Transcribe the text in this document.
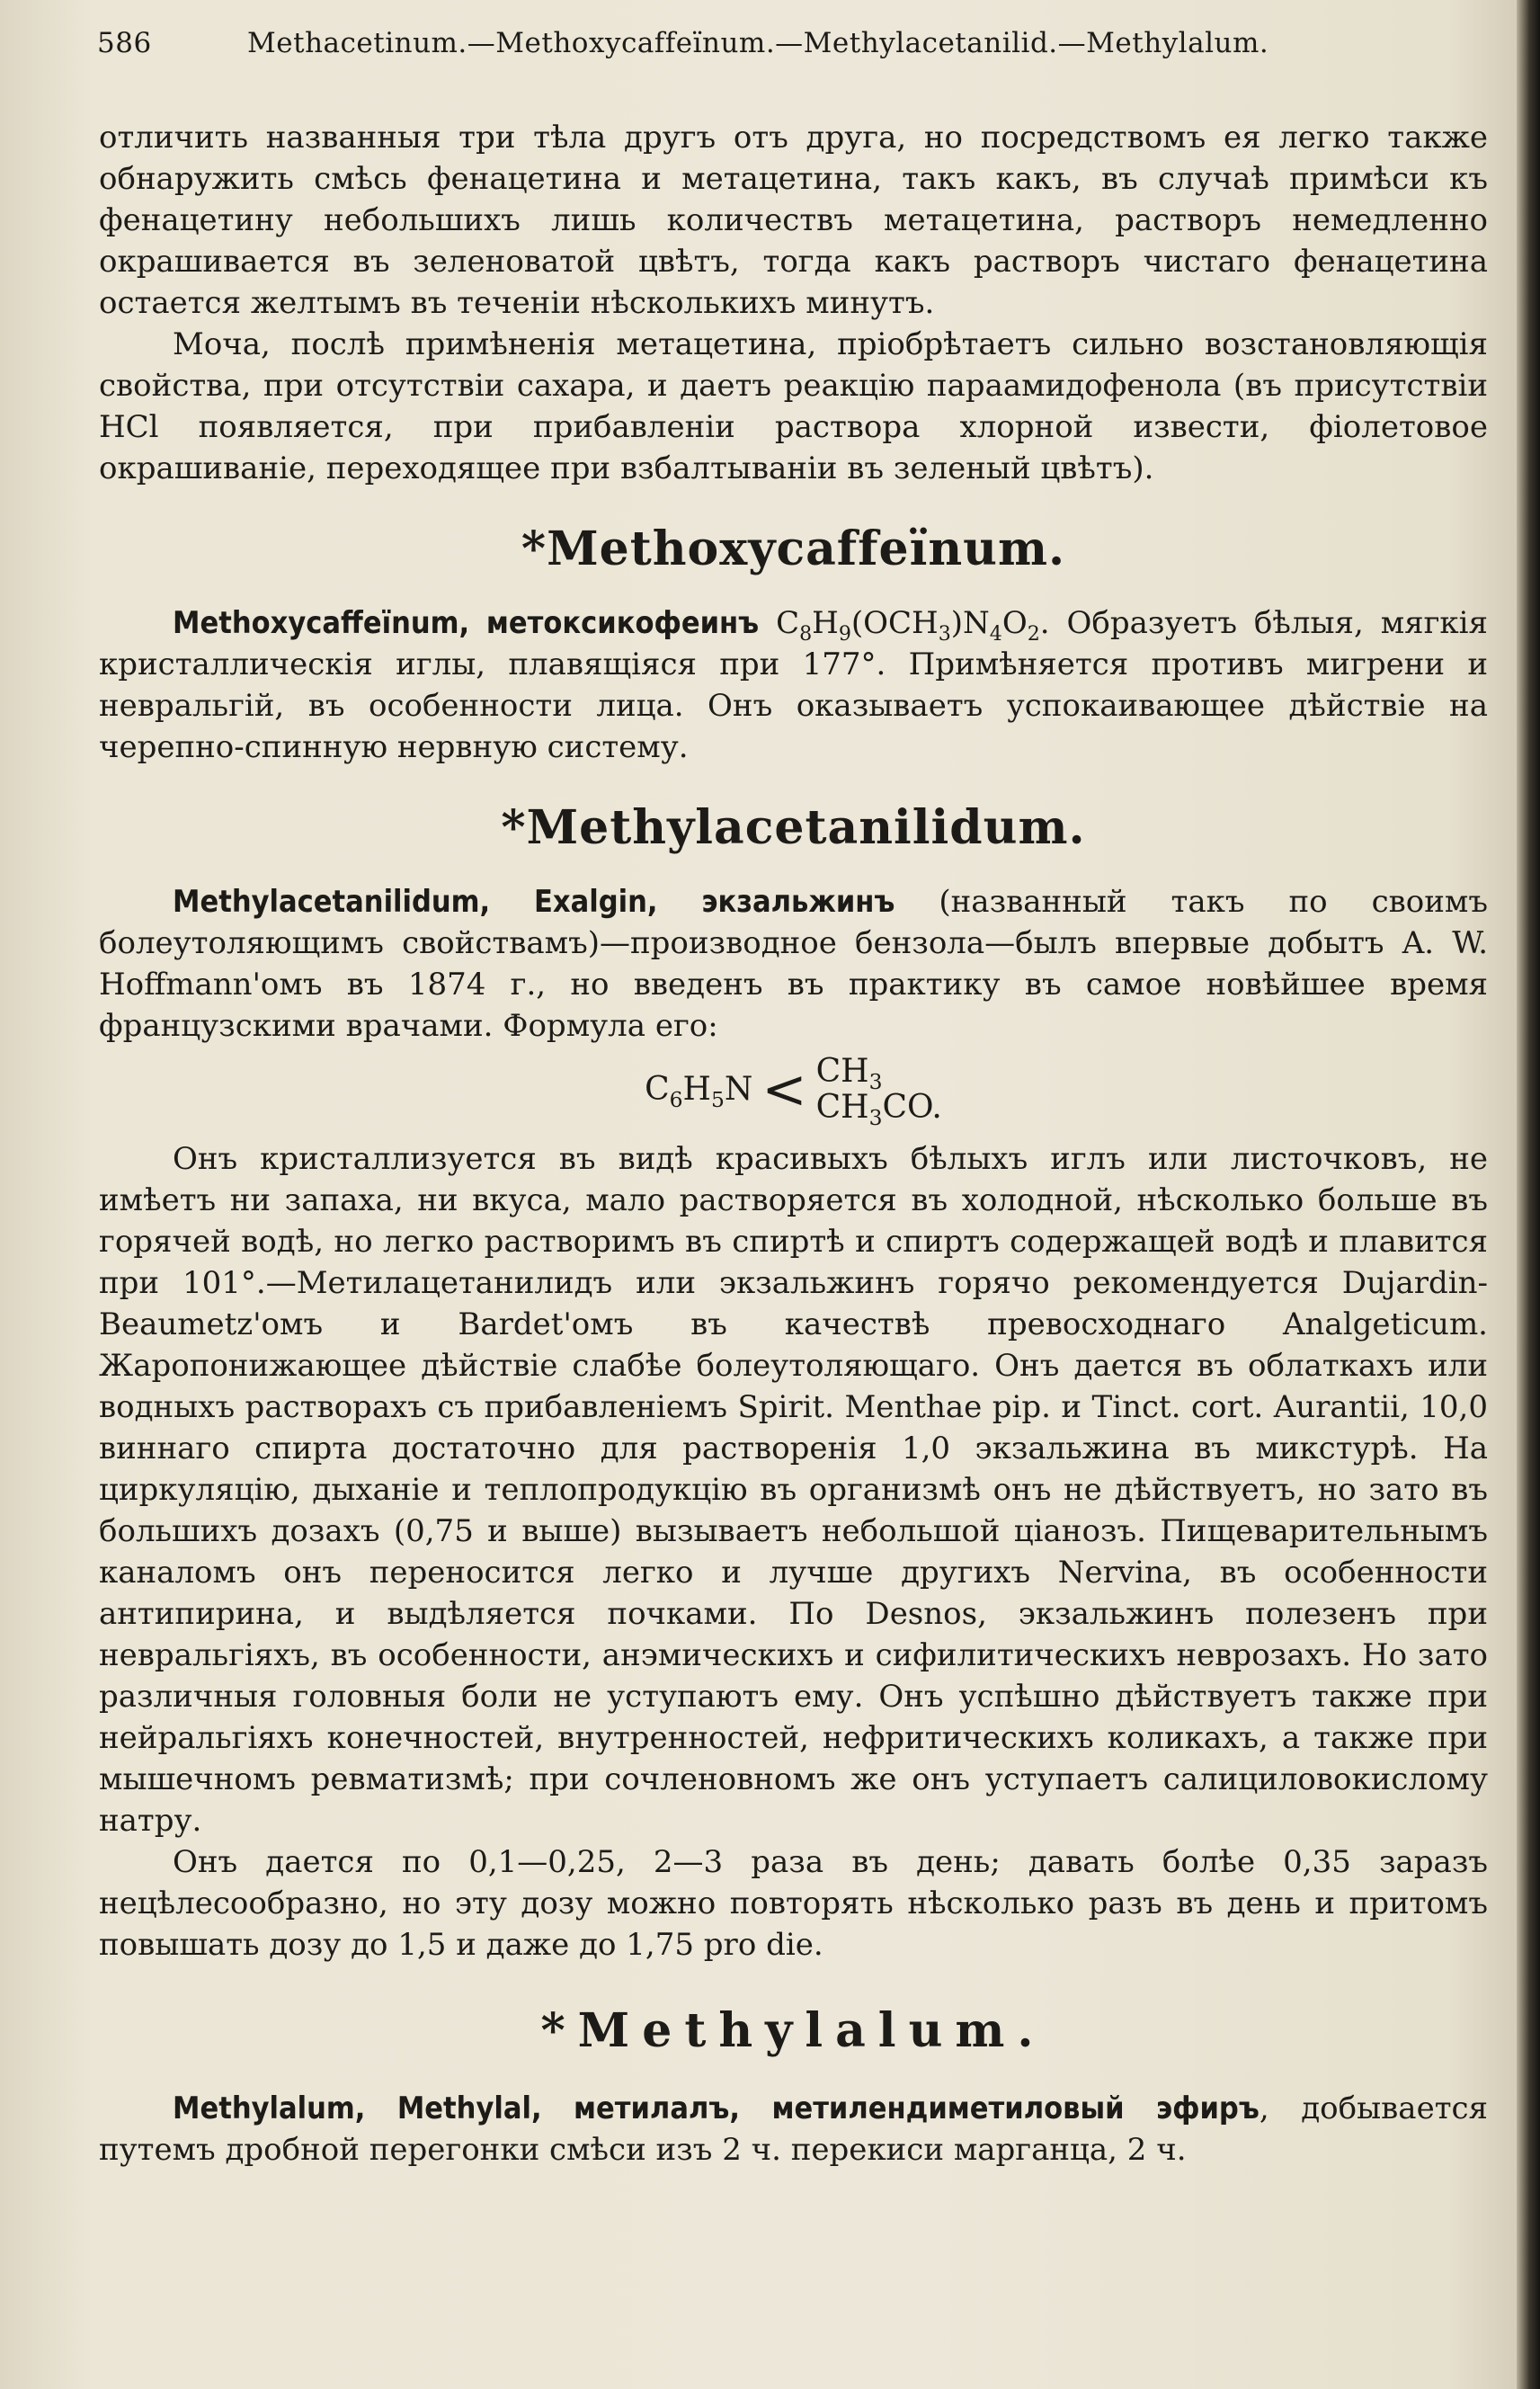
586	Methacetinum.—Methoxycaffeïnum.—Methylacetanilid.—Methylalum.

отличить названныя три тѣла другъ отъ друга, но посредствомъ ея легко также обнаружить смѣсь фенацетина и метацетина, такъ какъ, въ случаѣ примѣси къ фенацетину небольшихъ лишь количествъ метацетина, растворъ немедленно окрашивается въ зеленоватой цвѣтъ, тогда какъ растворъ чистаго фенацетина остается желтымъ въ теченіи нѣсколькихъ минутъ.

Моча, послѣ примѣненія метацетина, пріобрѣтаетъ сильно возстановляющія свойства, при отсутствіи сахара, и даетъ реакцію параамидофенола (въ присутствіи HCl появляется, при прибавленіи раствора хлорной извести, фіолетовое окрашиваніе, переходящее при взбалтываніи въ зеленый цвѣтъ).

*Methoxycaffeïnum.

Methoxycaffeïnum, метоксикофеинъ $C_8H_9(OCH_3)N_4O_2$. Образуетъ бѣлыя, мягкія кристаллическія иглы, плавящіяся при 177°. Примѣняется противъ мигрени и невральгій, въ особенности лица. Онъ оказываетъ успокаивающее дѣйствіе на черепно-спинную нервную систему.

*Methylacetanilidum.

Methylacetanilidum, Exalgin, экзальжинъ (названный такъ по своимъ болеутоляющимъ свойствамъ)—производное бензола—былъ впервые добытъ A. W. Hoffmann'омъ въ 1874 г., но введенъ въ практику въ самое новѣйшее время французскими врачами. Формула его:

$C_6H_5N < CH_3$
$CH_3CO$.

Онъ кристаллизуется въ видѣ красивыхъ бѣлыхъ иглъ или листочковъ, не имѣетъ ни запаха, ни вкуса, мало растворяется въ холодной, нѣсколько больше въ горячей водѣ, но легко растворимъ въ спиртѣ и спиртъ содержащей водѣ и плавится при 101°.—Метилацетанилидъ или экзальжинъ горячо рекомендуется Dujardin-Beaumetz'омъ и Bardet'омъ въ качествѣ превосходнаго Analgeticum. Жаропонижающее дѣйствіе слабѣе болеутоляющаго. Онъ дается въ облаткахъ или водныхъ растворахъ съ прибавленіемъ Spirit. Menthae pip. и Tinct. cort. Aurantii, 10,0 виннаго спирта достаточно для растворенія 1,0 экзальжина въ микстурѣ. На циркуляцію, дыханіе и теплопродукцію въ организмѣ онъ не дѣйствуетъ, но зато въ большихъ дозахъ (0,75 и выше) вызываетъ небольшой ціанозъ. Пищеварительнымъ каналомъ онъ переносится легко и лучше другихъ Nervina, въ особенности антипирина, и выдѣляется почками. По Desnos, экзальжинъ полезенъ при невральгіяхъ, въ особенности, анэмическихъ и сифилитическихъ неврозахъ. Но зато различныя головныя боли не уступаютъ ему. Онъ успѣшно дѣйствуетъ также при нейральгіяхъ конечностей, внутренностей, нефритическихъ коликахъ, а также при мышечномъ ревматизмѣ; при сочленовномъ же онъ уступаетъ салициловокислому натру.

Онъ дается по 0,1—0,25, 2—3 раза въ день; давать болѣе 0,35 заразъ нецѣлесообразно, но эту дозу можно повторять нѣсколько разъ въ день и притомъ повышать дозу до 1,5 и даже до 1,75 pro die.

*Methylalum.

Methylalum, Methylal, метилалъ, метилендиметиловый эфиръ, добывается путемъ дробной перегонки смѣси изъ 2 ч. перекиси марганца, 2 ч.
